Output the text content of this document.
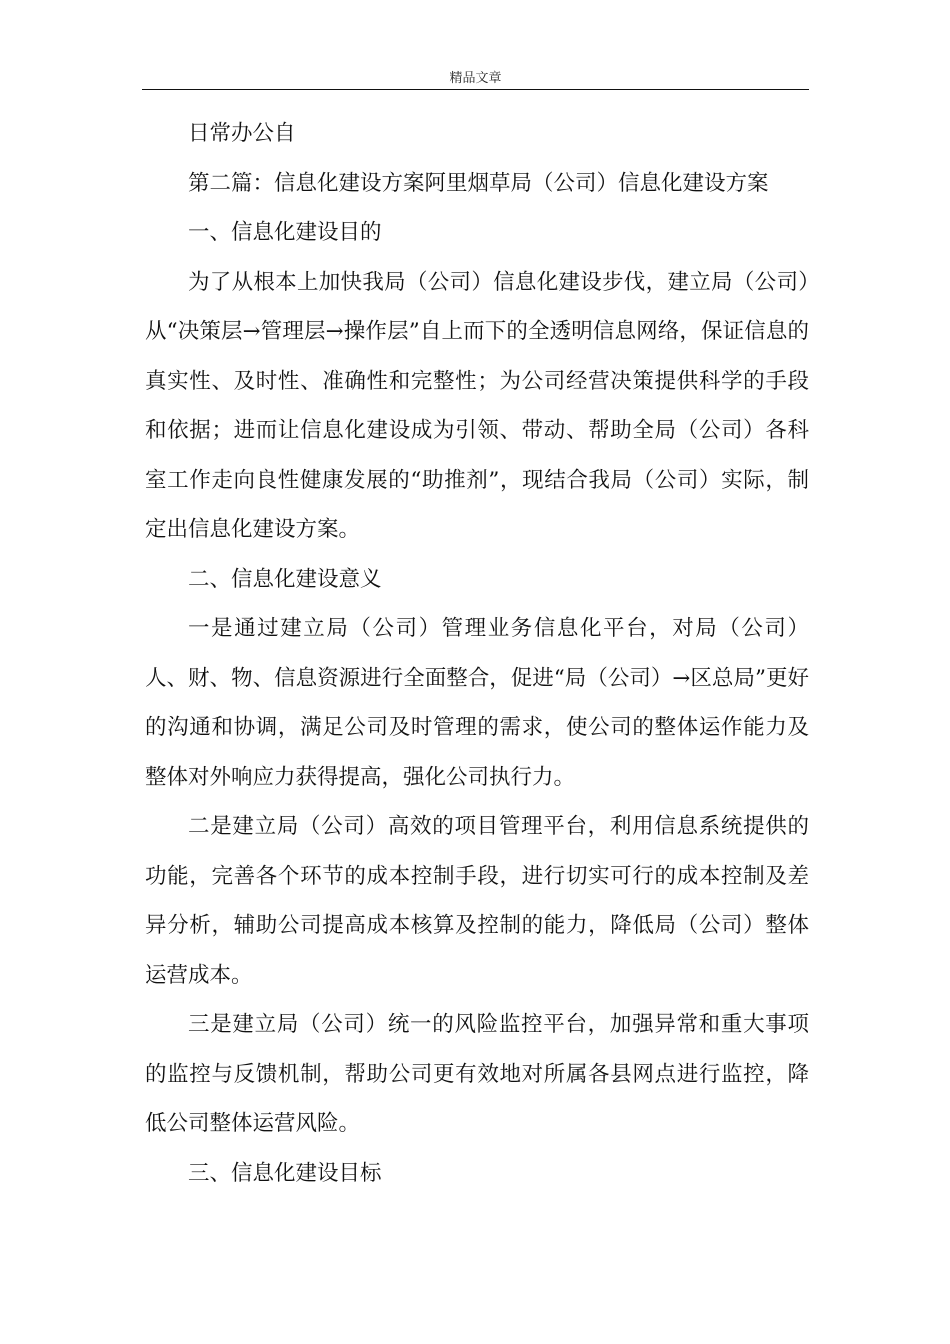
精品文章

日常办公自

第二篇：信息化建设方案阿里烟草局（公司）信息化建设方案

一、信息化建设目的

为了从根本上加快我局（公司）信息化建设步伐，建立局（公司）从“决策层→管理层→操作层”自上而下的全透明信息网络，保证信息的真实性、及时性、准确性和完整性；为公司经营决策提供科学的手段和依据；进而让信息化建设成为引领、带动、帮助全局（公司）各科室工作走向良性健康发展的“助推剂”，现结合我局（公司）实际，制定出信息化建设方案。

二、信息化建设意义

一是通过建立局（公司）管理业务信息化平台，对局（公司）人、财、物、信息资源进行全面整合，促进“局（公司）→区总局”更好的沟通和协调，满足公司及时管理的需求，使公司的整体运作能力及整体对外响应力获得提高，强化公司执行力。

二是建立局（公司）高效的项目管理平台，利用信息系统提供的功能，完善各个环节的成本控制手段，进行切实可行的成本控制及差异分析，辅助公司提高成本核算及控制的能力，降低局（公司）整体运营成本。

三是建立局（公司）统一的风险监控平台，加强异常和重大事项的监控与反馈机制，帮助公司更有效地对所属各县网点进行监控，降低公司整体运营风险。

三、信息化建设目标
